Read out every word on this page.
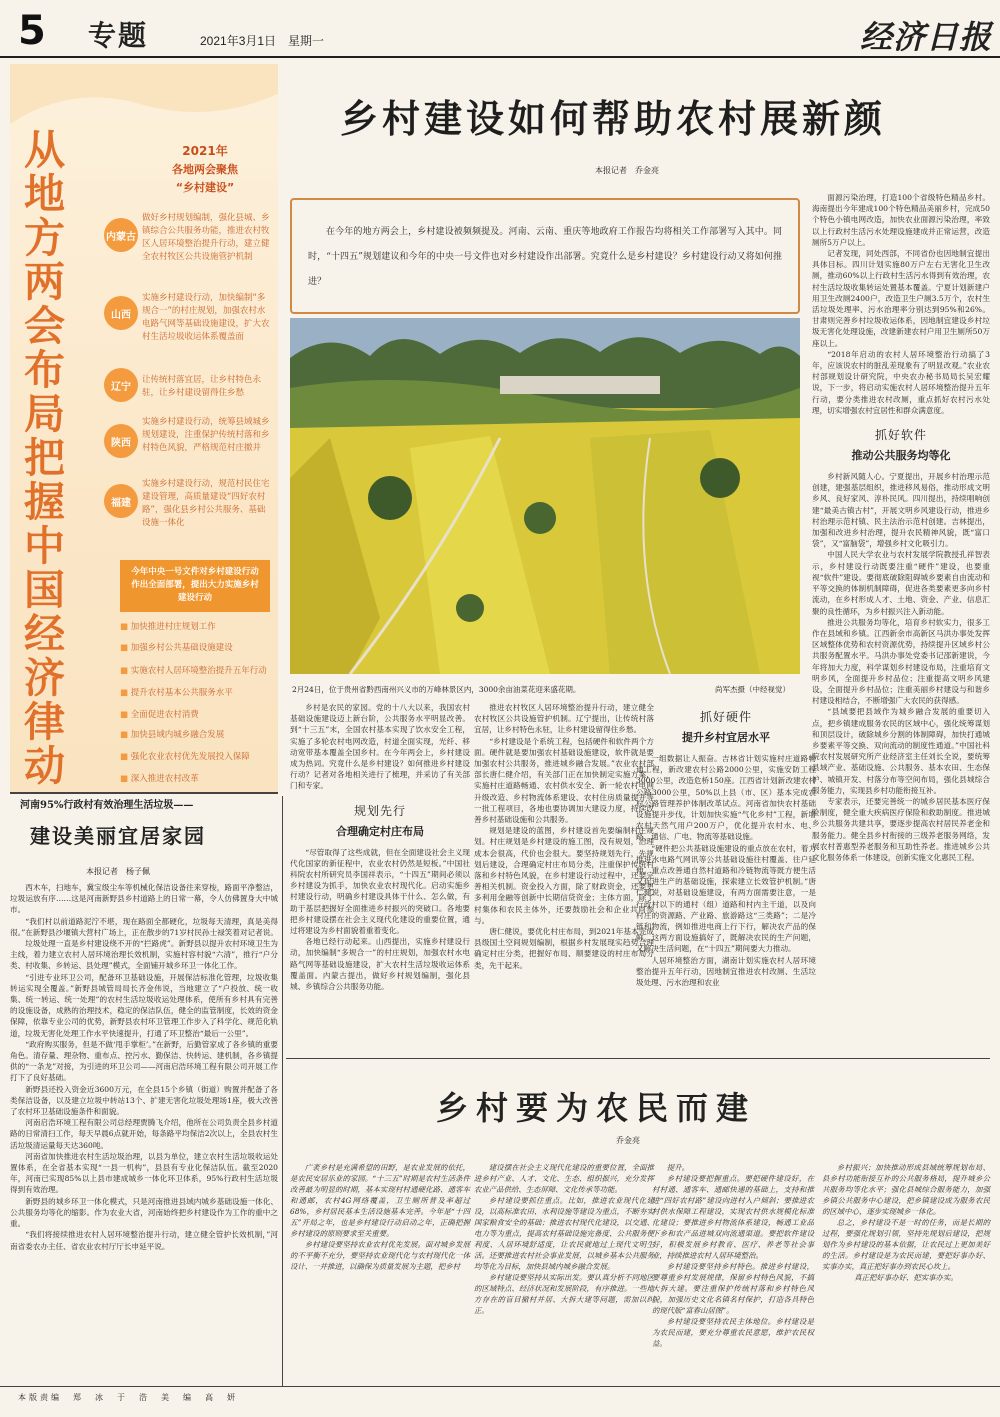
5 专题	2021年3月1日　星期一	经济日报
从地方两会布局把握中国经济律动
2021年
各地两会聚焦
“乡村建设”
内蒙古
做好乡村规划编制，强化县城、乡镇综合公共服务功能，推进农村牧区人居环境整治提升行动，建立健全农村牧区公共设施管护机制
山西
实施乡村建设行动，加快编制“多规合一”的村庄规划，加强农村水电路气网等基础设施建设，扩大农村生活垃圾收运体系覆盖面
辽宁
让传统村落宜居，让乡村特色永驻，让乡村建设留得住乡愁
陕西
实施乡村建设行动，统筹县域城乡规划建设，注重保护传统村落和乡村特色风貌，严格规范村庄撤并
福建
实施乡村建设行动，规范村民住宅建设管理，高质量建设“四好农村路”，强化县乡村公共服务、基础设施一体化
今年中央一号文件对乡村建设行动作出全面部署，提出大力实施乡村建设行动
■ 加快推进村庄规划工作
■ 加强乡村公共基础设施建设
■ 实施农村人居环境整治提升五年行动
■ 提升农村基本公共服务水平
■ 全面促进农村消费
■ 加快县域内城乡融合发展
■ 强化农业农村优先发展投入保障
■ 深入推进农村改革
乡村建设如何帮助农村展新颜
本报记者　乔金亮

在今年的地方两会上，乡村建设被频频提及。河南、云南、重庆等地政府工作报告均将相关工作部署写入其中。同时，“十四五”规划建议和今年的中央一号文件也对乡村建设作出部署。究竟什么是乡村建设？乡村建设行动又将如何推进？

2月24日，位于贵州省黔西南州兴义市的万峰林景区内，3000余亩油菜花迎来盛花期。	尚军杰摄（中经视觉）

乡村是农民的家园。党的十八大以来，我国农村基础设施建设迈上新台阶，公共服务水平明显改善。到“十三五”末，全国农村基本实现了饮水安全工程，实施了多轮农村电网改造，村道全面实现，光纤、移动宽带基本覆盖全国乡村。在今年两会上，乡村建设成为热词。究竟什么是乡村建设？如何推进乡村建设行动？记者对各地相关进行了梳理，并采访了有关部门和专家。

规划先行
合理确定村庄布局

“尽管取得了这些成就，但在全面建设社会主义现代化国家的新征程中，农业农村仍然是短板。”中国社科院农村所研究员李国祥表示，“十四五”期间必须以乡村建设为抓手，加快农业农村现代化。启动实施乡村建设行动，明确乡村建设具体干什么、怎么做，有助于基层把握好全面推进乡村振兴的突破口。各地要把乡村建设摆在社会主义现代化建设的重要位置，通过将建设为乡村面貌着重着变化。

各地已经行动起来。山西提出，实施乡村建设行动，加快编制“多规合一”的村庄规划，加强农村水电路气网等基础设施建设，扩大农村生活垃圾收运体系覆盖面。内蒙古提出，做好乡村规划编制，强化县城、乡镇综合公共服务功能。

推进农村牧区人居环境整治提升行动，建立健全农村牧区公共设施管护机制。辽宁提出，让传统村落宜居，让乡村特色永驻，让乡村建设留得住乡愁。

“乡村建设是个系统工程，包括硬件和软件两个方面。硬件就是要加强农村基础设施建设，软件就是要加强农村公共服务，推进城乡融合发展。”农业农村部部长唐仁健介绍，有关部门正在加快制定实施方案，实施村庄道路畅通、农村供水安全、新一轮农村电网升级改造、乡村物流体系建设、农村住房质量提升等一批工程项目，各地也要协调加大建设力度，持续改善乡村基础设施和公共服务。

规划是建设的蓝图，乡村建设首先要编制村庄规划。村庄规划是乡村建设的施工图，没有规划，治理成本会很高，代价也会很大。要坚持规划先行，先规划后建设，合理确定村庄布局分类，注重保护传统村落和乡村特色风貌，在乡村建设行动过程中，还要完善相关机制。资金投入方面，除了财政资金，还要更多利用金融等创新中长期信贷资金；主体方面，除了村集体和农民主体外，还要鼓励社会和企业共同参与。

唐仁健说，要优化村庄布局，到2021年基本完成县级国土空间规划编制，根据乡村发展现实趋势合理确定村庄分类，把握好布局、顺要建设的村庄布局分类，先干起来。

抓好硬件
提升乡村宜居水平

一组数据让人振奋。吉林省计划实施村庄道路畅通工程，新改建农村公路2000公里，实施安防工程3000公里，改造危桥150座。江西省计划新改建农村公路3000公里，50%以上县（市、区）基本完成农村公路管理养护体制改革试点。河南省加快农村基础设施提升步伐，计划加快实施“气化乡村”工程，新增农村天然气用户200万户，优化提升农村水、电、路、通信、广电、物流等基础设施。

“硬件把公共基础设施建设的重点放在农村，着力推进水电路气网讯等公共基础设施往村覆盖、往户延伸，重点改善通自然村道路和冷链物流等既方便生活又促进生产的基础设施，探索建立长效管护机制。”唐仁健说，对基础设施建设，有两方面需要注意，一是行政村以下的通村（组）道路和村内主干道，以及向村庄的资源路、产业路、旅游路这“三类路”；二是冷链和物流，例如推进电商上行下行，解决农产品的保鲜。这两方面设施搞好了，既解决农民的生产问题，又解决生活问题，在“十四五”期间要大力推动。

人居环境整治方面，湖南计划实施农村人居环境整治提升五年行动，因地制宜推进农村改厕、生活垃圾处理、污水治理和农业

面源污染治理，打造100个省级特色精品乡村。海南提出今年建成100个特色精品美丽乡村，完成50个特色小镇电网改造，加快农业面源污染治理，率致以上行政村生活污水处理设施建成并正常运营，改造厕所5万户以上。

记者发现，同处西部，不同省份也因地制宜提出具体目标。四川计划实施80万户左右无害化卫生改厕，推动60%以上行政村生活污水得到有效治理，农村生活垃圾收集转运处置基本覆盖。宁夏计划新建户用卫生改厕2400户，改造卫生户厕3.5万个，农村生活垃圾处理率、污水治理率分别达到95%和26%。甘肃则完善乡村垃圾收运体系，因地制宜建设乡村垃圾无害化处理设施，改建新建农村户用卫生厕所50万座以上。

“2018年启动的农村人居环境整治行动搞了3年，应该说农村的脏乱差现象有了明显改观。”农业农村部规划设计研究院，中央农办秘书局局长吴宏耀说，下一步，将启动实施农村人居环境整治提升五年行动，要分类推进农村改厕，重点抓好农村污水处理，切实增强农村宜居性和群众满意度。

抓好软件
推动公共服务均等化

乡村新风随人心。宁夏提出，开展乡村治理示范创建，建强基层组织，推进移风易俗，推动形成文明乡风、良好家风、淳朴民风。四川提出，持续唱响创建“最美古镇古村”，开展文明乡风建设行动，推进乡村治理示范村镇、民主法治示范村创建。吉林提出，加强和改进乡村治理，提升农民精神风貌，既“富口袋”，又“富脑袋”，增强乡村文化吸引力。

中国人民大学农业与农村发展学院教授孔祥智表示，乡村建设行动既要注重“硬件”建设，也要重视“软件”建设。要彻底破除阻碍城乡要素自由流动和平等交换的体制机制障碍，促进各类要素更多向乡村流动，在乡村形成人才、土地、资金、产业、信息汇聚的良性循环，为乡村振兴注入新动能。

推进公共服务均等化，培育乡村软实力，很多工作在县域和乡镇。江西新余市高新区马洪办事处发挥区域整体优势和农村资源优势，持续提升区域乡村公共服务配置水平。马洪办事处党委书记邵新建说，今年将加大力度，科学谋划乡村建设布局，注重培育文明乡风，全面提升乡村品位；注重提高文明乡风建设，全面提升乡村品位；注重美丽乡村建设与和谐乡村建设相结合，不断增强广大农民的获得感。

“县域要把县域作为城乡融合发展的重要切入点，把乡镇建成服务农民的区域中心，强化统筹谋划和顶层设计，破除城乡分割的体制障碍，加快打通城乡要素平等交换、双向流动的制度性通道。”中国社科院农村发展研究所产业经济室主任刘长全说，要统筹县域产业、基础设施、公共服务、基本农田、生态保护、城镇开发、村落分布等空间布局，强化县城综合服务能力，实现县乡村功能衔接互补。

专家表示，还要完善统一的城乡居民基本医疗保险制度，健全重大疾病医疗保险和救助制度。推进城乡公共服务共建共享，要逐步提高农村居民养老金和服务能力。健全县乡村衔接的三级养老服务网络，发展农村普惠型养老服务和互助性养老。推进城乡公共文化服务体系一体建设，创新实施文化惠民工程。

河南95%行政村有效治理生活垃圾——
建设美丽宜居家园
本报记者　杨子佩

西木车，扫地车，冀宝级尘车等机械化保洁设备往来穿梭，路面平净整洁，垃圾运放有序……这是河南新野县乡村道路上的日常一幕，令人仿佛置身大中城市。

“我们村以前道路泥泞不堪，现在路面全都硬化，垃圾每天清理，真是美得很。”在新野县沙堰镇大营村广场上，正在散步的71岁村民孙士禄笑着对记者说。

垃圾处理一直是乡村建设绕不开的“拦路虎”。新野县以提升农村环境卫生为主线，着力建立农村人居环境治理长效机制，实施村容村貌“六清”，推行“户分类、村收集、乡转运、县处理”模式，全面铺开城乡环卫一体化工作。

“引进专业环卫公司，配备环卫基础设施，开展保洁标准化管理，垃圾收集转运实现全覆盖。”新野县城管局局长齐金伟说，当地建立了“户投放、统一收集、统一转运、统一处理”的农村生活垃圾收运处理体系，使所有乡村具有完善的设施设备，成熟的治理技术，稳定的保洁队伍，健全的监管制度，长效的资金保障，依靠专业公司的优势，新野县农村环卫管理工作步入了科学化、规范化轨道，垃圾无害化处理工作水平快速提升，打通了环卫整治“最后一公里”。

“政府购买服务，但是不做‘甩手掌柜’。”在新野，后勤管家成了各乡镇的重要角色。清存量、理杂物、重布点、控污水、勤保洁、快转运、建机制，各乡镇提供的“一条龙”对接，为引进的环卫公司——河南启浩环境工程有限公司开展工作打下了良好基础。

新野县还投入资金近3600万元，在全县15个乡镇（街道）购置并配备了各类保洁设备，以及建立垃圾中转站13个、扩建无害化垃圾处理场1座，极大改善了农村环卫基础设施条件和面貌。

河南启浩环境工程有限公司总经理贾腾飞介绍，他所在公司负责全县乡村道路的日常清扫工作，每天早晨6点就开始，每条路平均保洁2次以上，全县农村生活垃圾清运量每天达360吨。

河南省加快推进农村生活垃圾治理，以县为单位，建立农村生活垃圾收运处置体系，在全省基本实现“一县一机构”，县县有专业化保洁队伍。截至2020年，河南已实现85%以上县市建成城乡一体化环卫体系，95%行政村生活垃圾得到有效治理。

新野县的城乡环卫一体化模式，只是河南推进县域内城乡基础设施一体化、公共服务均等化的缩影。作为农业大省，河南始终把乡村建设作为工作的重中之重。

“我们将接续推进农村人居环境整治提升行动，建立健全管护长效机制，”河南省委农办主任、省农业农村厅厅长申延平说。

乡村要为农民而建
乔金亮

广袤乡村是充满希望的田野，是农业发展的依托，是农民安居乐业的家园。“十三五”时期是农村生活条件改善最为明显的时期，基本实现村村通硬化路、通客车和通邮，农村4G网络覆盖，卫生厕所普及率超过68%，乡村居民基本生活设施基本完善。今年是“十四五”开局之年，也是乡村建设行动启动之年，正确把握乡村建设的原则要求至关重要。

乡村建设要坚持农业农村优先发展。面对城乡发展的不平衡不充分，要坚持农业现代化与农村现代化一体设计、一并推进，以确保为质量发展为主题，把乡村

建设摆在社会主义现代化建设的重要位置，全面推进乡村产业、人才、文化、生态、组织振兴，充分发挥农业产品供给、生态屏障、文化传承等功能。

乡村建设要抓住重点。比如，推进农业现代化建设，以高标准农田、水利设施等建设为重点，不断夯实国家粮食安全的基础；推进农村现代化建设，以交通、电力等为重点，提高农村基础设施完备度、公共服务便利度、人居环境舒适度，让农民就地过上现代文明生活。还要推进农村社会事业发展，以城乡基本公共服务均等化为目标，加快县域内城乡融合发展。

乡村建设要坚持从实际出发。要认真分析不同地区的区域特点、经济状况和发展阶段，有序推进。一些地方存在的盲目撤村并居、大拆大建等问题，需加以纠正。

提升。

乡村建设要把握重点。要把硬件建设好，在村村通、通客车、通邮快递的基础上，支持和推进“四好农村路”建设向进村入户倾斜；要推进农村供水保障工程建设，实现农村供水规模化标准化建设；要推进乡村物流体系建设，畅通工业品下乡和农产品进城双向流通渠道。要把软件建设好，积极发展乡村教育、医疗、养老等社会事业，持续推进农村人居环境整治。

乡村建设要坚持乡村特色。推进乡村建设，要尊重乡村发展规律，保留乡村特色风貌，不搞大拆大建。要注重保护传统村落和乡村特色风貌，加强历史文化名镇名村保护，打造各具特色的现代版“富春山居图”。

乡村建设要坚持农民主体地位。乡村建设是为农民而建，要充分尊重农民意愿，维护农民权益。

乡村振兴；加快推动形成县域统筹规划布局、县乡村功能衔接互补的公共服务格局，提升城乡公共服务均等化水平；强化县城综合服务能力，加强乡镇公共服务中心建设，把乡镇建设成为服务农民的区域中心，逐步实现城乡一体化。

总之，乡村建设不是一时的任务，而是长期的过程，要强化规划引领，坚持先规划后建设，把规划作为乡村建设的基本依据，让农民过上更加美好的生活。乡村建设是为农民而建，要把好事办好、实事办实，真正把好事办到农民心坎上。

真正把好事办好、把实事办实。

本版责编　郑　冰　于　浩　美　编　高　妍
